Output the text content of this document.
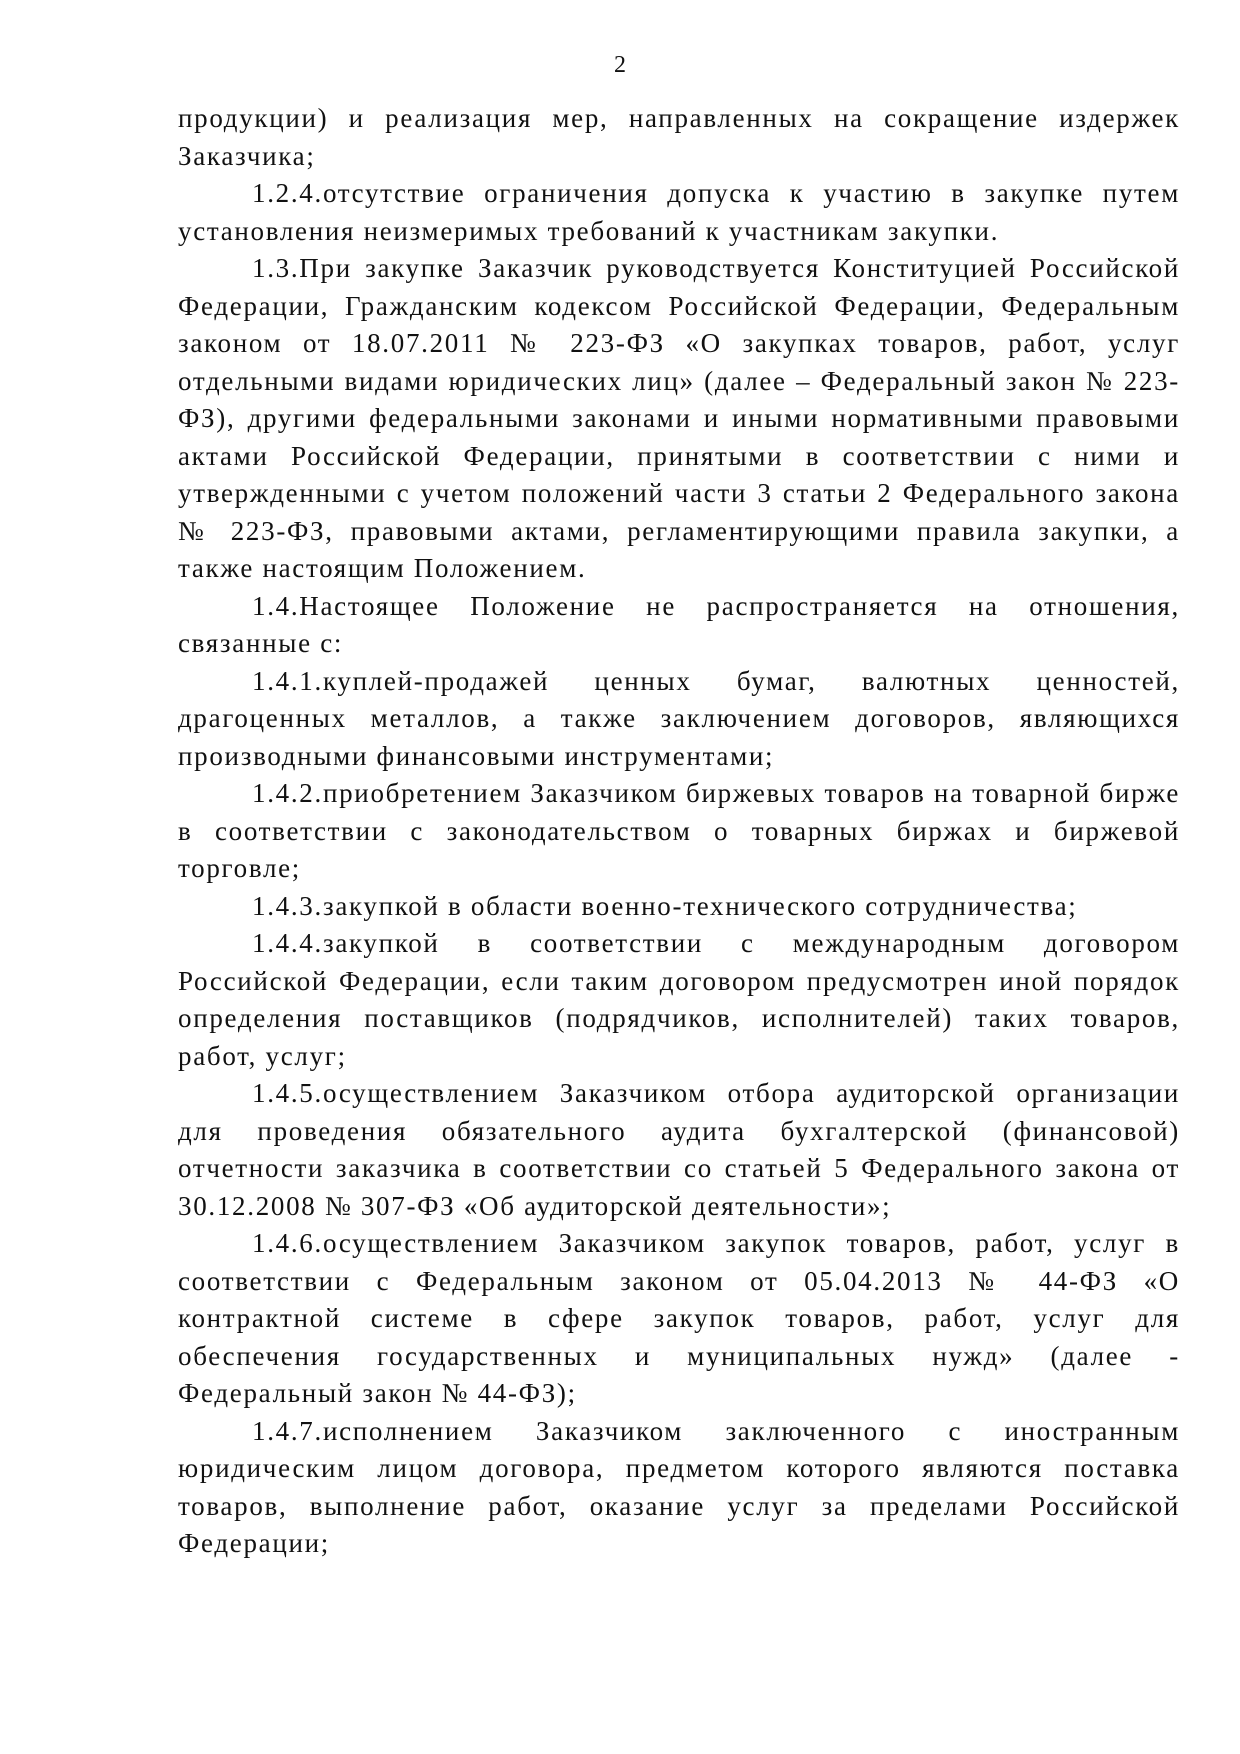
2

продукции) и реализация мер, направленных на сокращение издержек Заказчика;

1.2.4.отсутствие ограничения допуска к участию в закупке путем установления неизмеримых требований к участникам закупки.

1.3.При закупке Заказчик руководствуется Конституцией Российской Федерации, Гражданским кодексом Российской Федерации, Федеральным законом от 18.07.2011 № 223-ФЗ «О закупках товаров, работ, услуг отдельными видами юридических лиц» (далее – Федеральный закон № 223-ФЗ), другими федеральными законами и иными нормативными правовыми актами Российской Федерации, принятыми в соответствии с ними и утвержденными с учетом положений части 3 статьи 2 Федерального закона № 223-ФЗ, правовыми актами, регламентирующими правила закупки, а также настоящим Положением.

1.4.Настоящее Положение не распространяется на отношения, связанные с:

1.4.1.куплей-продажей ценных бумаг, валютных ценностей, драгоценных металлов, а также заключением договоров, являющихся производными финансовыми инструментами;

1.4.2.приобретением Заказчиком биржевых товаров на товарной бирже в соответствии с законодательством о товарных биржах и биржевой торговле;

1.4.3.закупкой в области военно-технического сотрудничества;

1.4.4.закупкой в соответствии с международным договором Российской Федерации, если таким договором предусмотрен иной порядок определения поставщиков (подрядчиков, исполнителей) таких товаров, работ, услуг;

1.4.5.осуществлением Заказчиком отбора аудиторской организации для проведения обязательного аудита бухгалтерской (финансовой) отчетности заказчика в соответствии со статьей 5 Федерального закона от 30.12.2008 № 307-ФЗ «Об аудиторской деятельности»;

1.4.6.осуществлением Заказчиком закупок товаров, работ, услуг в соответствии с Федеральным законом от 05.04.2013 № 44-ФЗ «О контрактной системе в сфере закупок товаров, работ, услуг для обеспечения государственных и муниципальных нужд» (далее - Федеральный закон № 44-ФЗ);

1.4.7.исполнением Заказчиком заключенного с иностранным юридическим лицом договора, предметом которого являются поставка товаров, выполнение работ, оказание услуг за пределами Российской Федерации;
